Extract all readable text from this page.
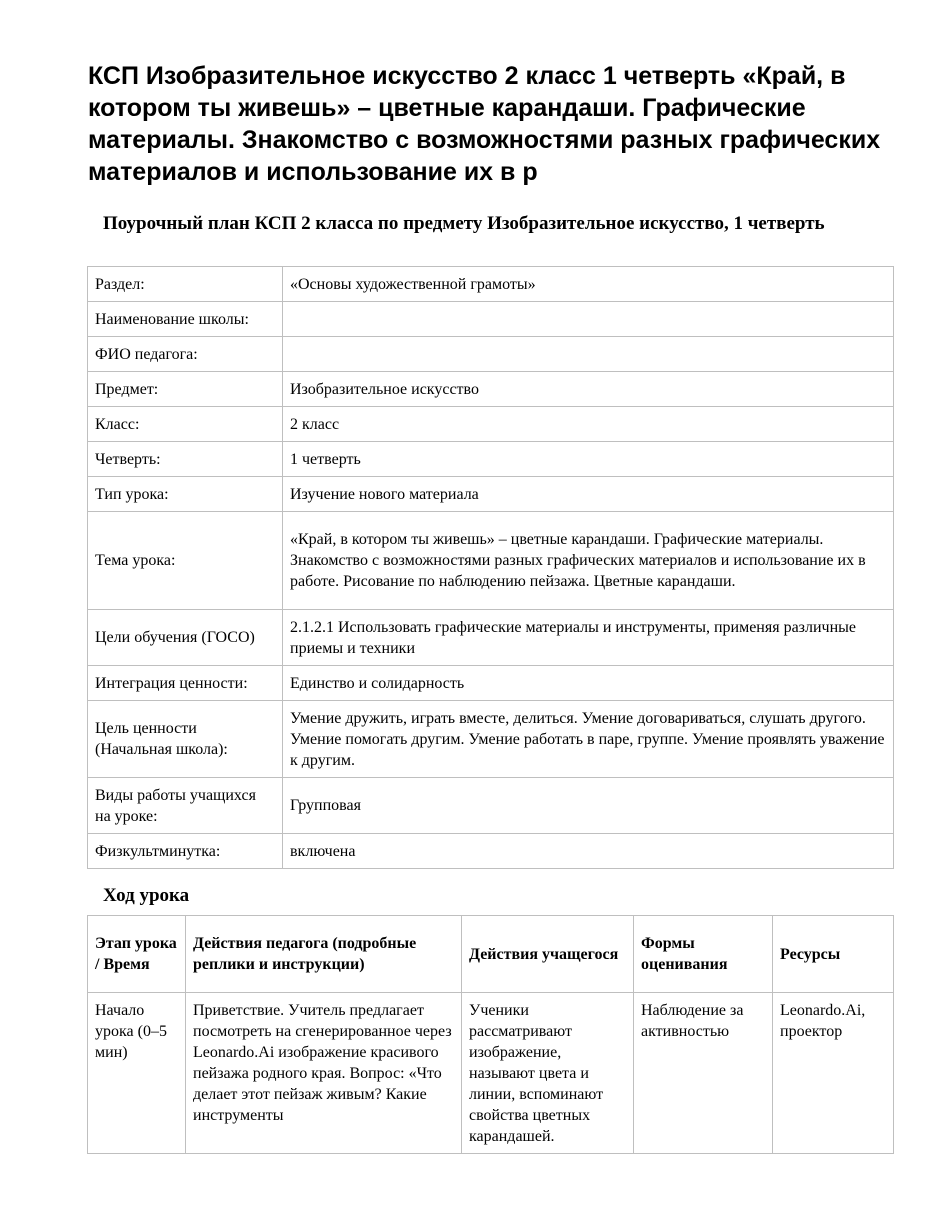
КСП Изобразительное искусство 2 класс 1 четверть «Край, в котором ты живешь» – цветные карандаши. Графические материалы. Знакомство с возможностями разных графических материалов и использование их в р
Поурочный план КСП 2 класса по предмету Изобразительное искусство, 1 четверть
Раздел:	«Основы художественной грамоты»
Наименование школы:	
ФИО педагога:	
Предмет:	Изобразительное искусство
Класс:	2 класс
Четверть:	1 четверть
Тип урока:	Изучение нового материала
Тема урока:	«Край, в котором ты живешь» – цветные карандаши. Графические материалы. Знакомство с возможностями разных графических материалов и использование их в работе. Рисование по наблюдению пейзажа. Цветные карандаши.
Цели обучения (ГОСО)	2.1.2.1 Использовать графические материалы и инструменты, применяя различные приемы и техники
Интеграция ценности:	Единство и солидарность
Цель ценности (Начальная школа):	Умение дружить, играть вместе, делиться. Умение договариваться, слушать другого. Умение помогать другим. Умение работать в паре, группе. Умение проявлять уважение к другим.
Виды работы учащихся на уроке:	Групповая
Физкультминутка:	включена
Ход урока
Этап урока / Время	Действия педагога (подробные реплики и инструкции)	Действия учащегося	Формы оценивания	Ресурсы
Начало урока (0–5 мин)	Приветствие. Учитель предлагает посмотреть на сгенерированное через Leonardo.Ai изображение красивого пейзажа родного края. Вопрос: «Что делает этот пейзаж живым? Какие инструменты	Ученики рассматривают изображение, называют цвета и линии, вспоминают свойства цветных карандашей.	Наблюдение за активностью	Leonardo.Ai, проектор
